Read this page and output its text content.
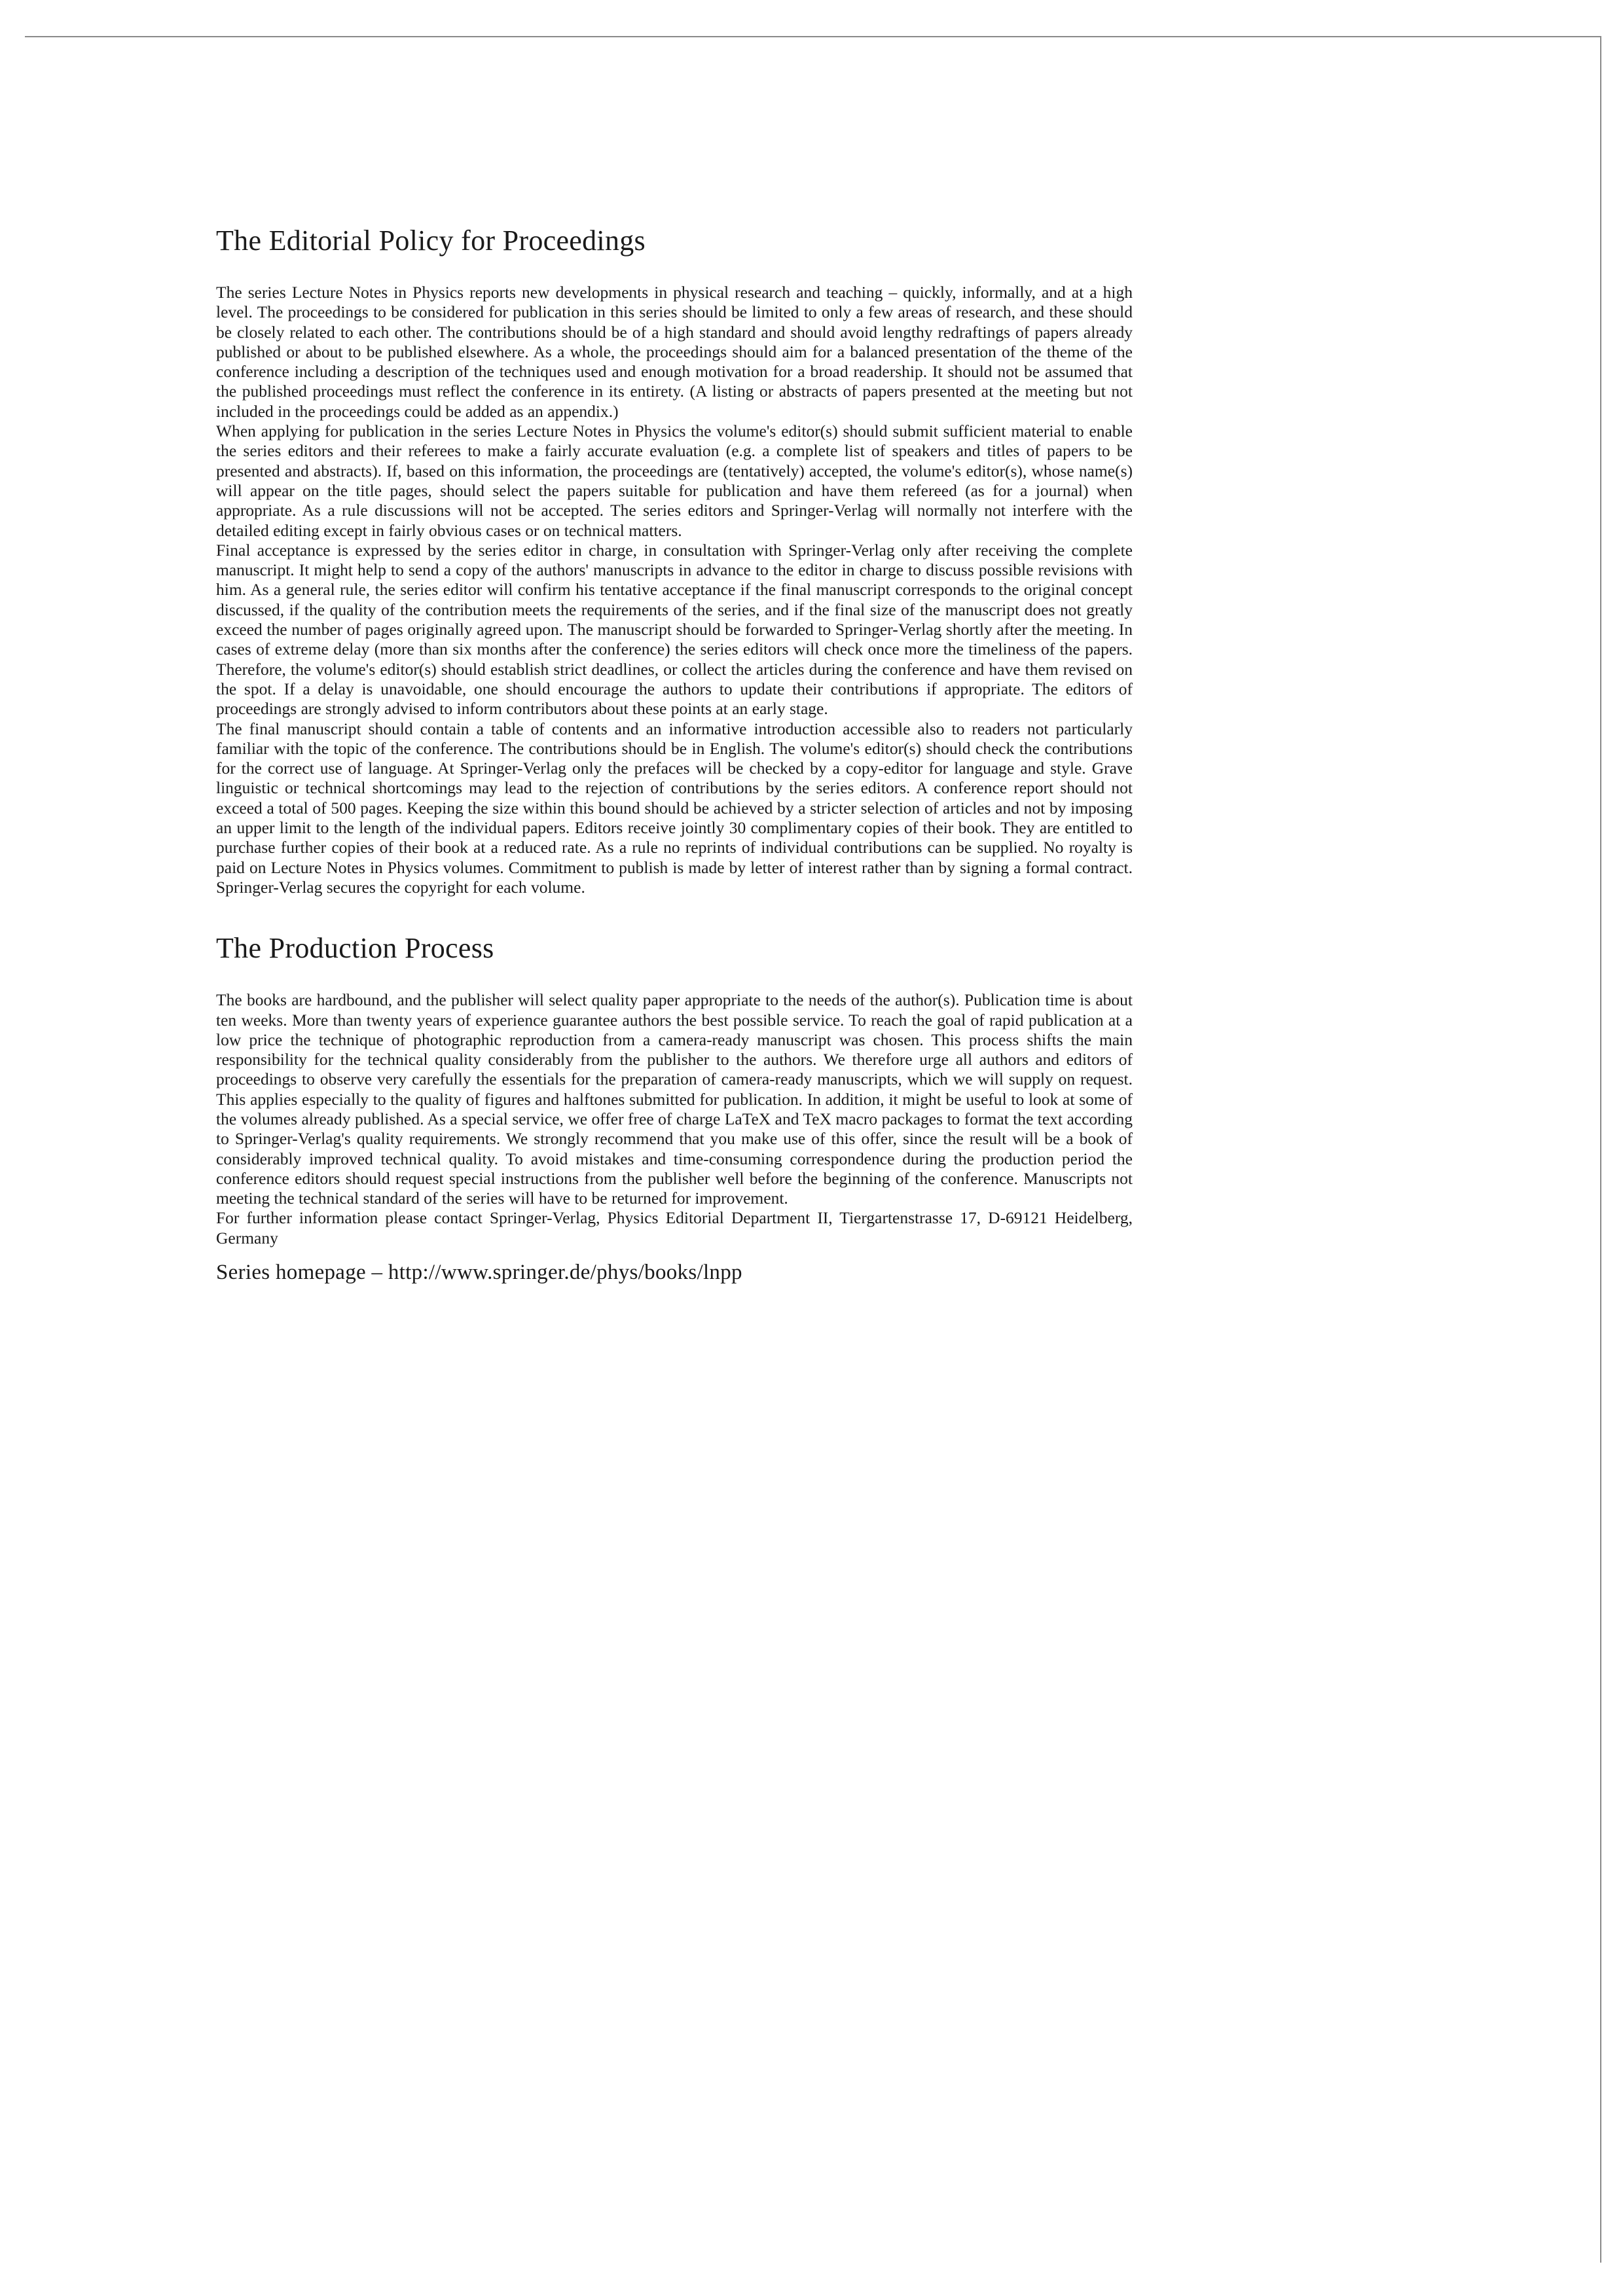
The Editorial Policy for Proceedings

The series Lecture Notes in Physics reports new developments in physical research and teaching – quickly, informally, and at a high level. The proceedings to be considered for publication in this series should be limited to only a few areas of research, and these should be closely related to each other. The contributions should be of a high standard and should avoid lengthy redraftings of papers already published or about to be published elsewhere. As a whole, the proceedings should aim for a balanced presentation of the theme of the conference including a description of the techniques used and enough motivation for a broad readership. It should not be assumed that the published proceedings must reflect the conference in its entirety. (A listing or abstracts of papers presented at the meeting but not included in the proceedings could be added as an appendix.)

When applying for publication in the series Lecture Notes in Physics the volume's editor(s) should submit sufficient material to enable the series editors and their referees to make a fairly accurate evaluation (e.g. a complete list of speakers and titles of papers to be presented and abstracts). If, based on this information, the proceedings are (tentatively) accepted, the volume's editor(s), whose name(s) will appear on the title pages, should select the papers suitable for publication and have them refereed (as for a journal) when appropriate. As a rule discussions will not be accepted. The series editors and Springer-Verlag will normally not interfere with the detailed editing except in fairly obvious cases or on technical matters.

Final acceptance is expressed by the series editor in charge, in consultation with Springer-Verlag only after receiving the complete manuscript. It might help to send a copy of the authors' manuscripts in advance to the editor in charge to discuss possible revisions with him. As a general rule, the series editor will confirm his tentative acceptance if the final manuscript corresponds to the original concept discussed, if the quality of the contribution meets the requirements of the series, and if the final size of the manuscript does not greatly exceed the number of pages originally agreed upon. The manuscript should be forwarded to Springer-Verlag shortly after the meeting. In cases of extreme delay (more than six months after the conference) the series editors will check once more the timeliness of the papers. Therefore, the volume's editor(s) should establish strict deadlines, or collect the articles during the conference and have them revised on the spot. If a delay is unavoidable, one should encourage the authors to update their contributions if appropriate. The editors of proceedings are strongly advised to inform contributors about these points at an early stage.

The final manuscript should contain a table of contents and an informative introduction accessible also to readers not particularly familiar with the topic of the conference. The contributions should be in English. The volume's editor(s) should check the contributions for the correct use of language. At Springer-Verlag only the prefaces will be checked by a copy-editor for language and style. Grave linguistic or technical shortcomings may lead to the rejection of contributions by the series editors. A conference report should not exceed a total of 500 pages. Keeping the size within this bound should be achieved by a stricter selection of articles and not by imposing an upper limit to the length of the individual papers. Editors receive jointly 30 complimentary copies of their book. They are entitled to purchase further copies of their book at a reduced rate. As a rule no reprints of individual contributions can be supplied. No royalty is paid on Lecture Notes in Physics volumes. Commitment to publish is made by letter of interest rather than by signing a formal contract. Springer-Verlag secures the copyright for each volume.

The Production Process

The books are hardbound, and the publisher will select quality paper appropriate to the needs of the author(s). Publication time is about ten weeks. More than twenty years of experience guarantee authors the best possible service. To reach the goal of rapid publication at a low price the technique of photographic reproduction from a camera-ready manuscript was chosen. This process shifts the main responsibility for the technical quality considerably from the publisher to the authors. We therefore urge all authors and editors of proceedings to observe very carefully the essentials for the preparation of camera-ready manuscripts, which we will supply on request. This applies especially to the quality of figures and halftones submitted for publication. In addition, it might be useful to look at some of the volumes already published. As a special service, we offer free of charge LaTeX and TeX macro packages to format the text according to Springer-Verlag's quality requirements. We strongly recommend that you make use of this offer, since the result will be a book of considerably improved technical quality. To avoid mistakes and time-consuming correspondence during the production period the conference editors should request special instructions from the publisher well before the beginning of the conference. Manuscripts not meeting the technical standard of the series will have to be returned for improvement.

For further information please contact Springer-Verlag, Physics Editorial Department II, Tiergartenstrasse 17, D-69121 Heidelberg, Germany

Series homepage – http://www.springer.de/phys/books/lnpp
